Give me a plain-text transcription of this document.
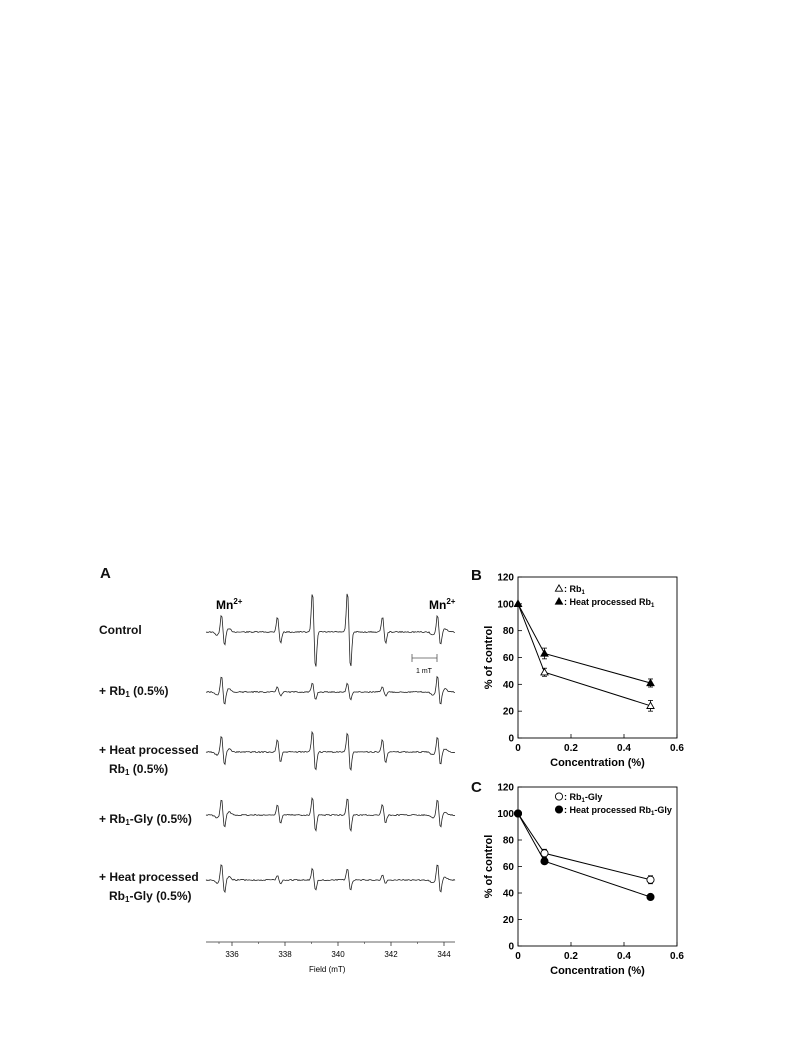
A	B
C
Control
+ $Rb_1$ (0.5%)
+ Heat processed
$Rb_1$ (0.5%)
+ $Rb_1$-Gly (0.5%)
+ Heat processed
$Rb_1$-Gly (0.5%)
$Mn^{2+}$	$Mn^{2+}$
1 mT
336	338	340	342	344
Field (mT)
0
20
40
60
80
100
120
0	0.2	0.4	0.6
Concentration (%)
% of control
: $Rb_1$
: Heat processed $Rb_1$
0
20
40
60
80
100
120
0	0.2	0.4	0.6
Concentration (%)
% of control
: $Rb_1$-Gly
: Heat processed $Rb_1$-Gly
